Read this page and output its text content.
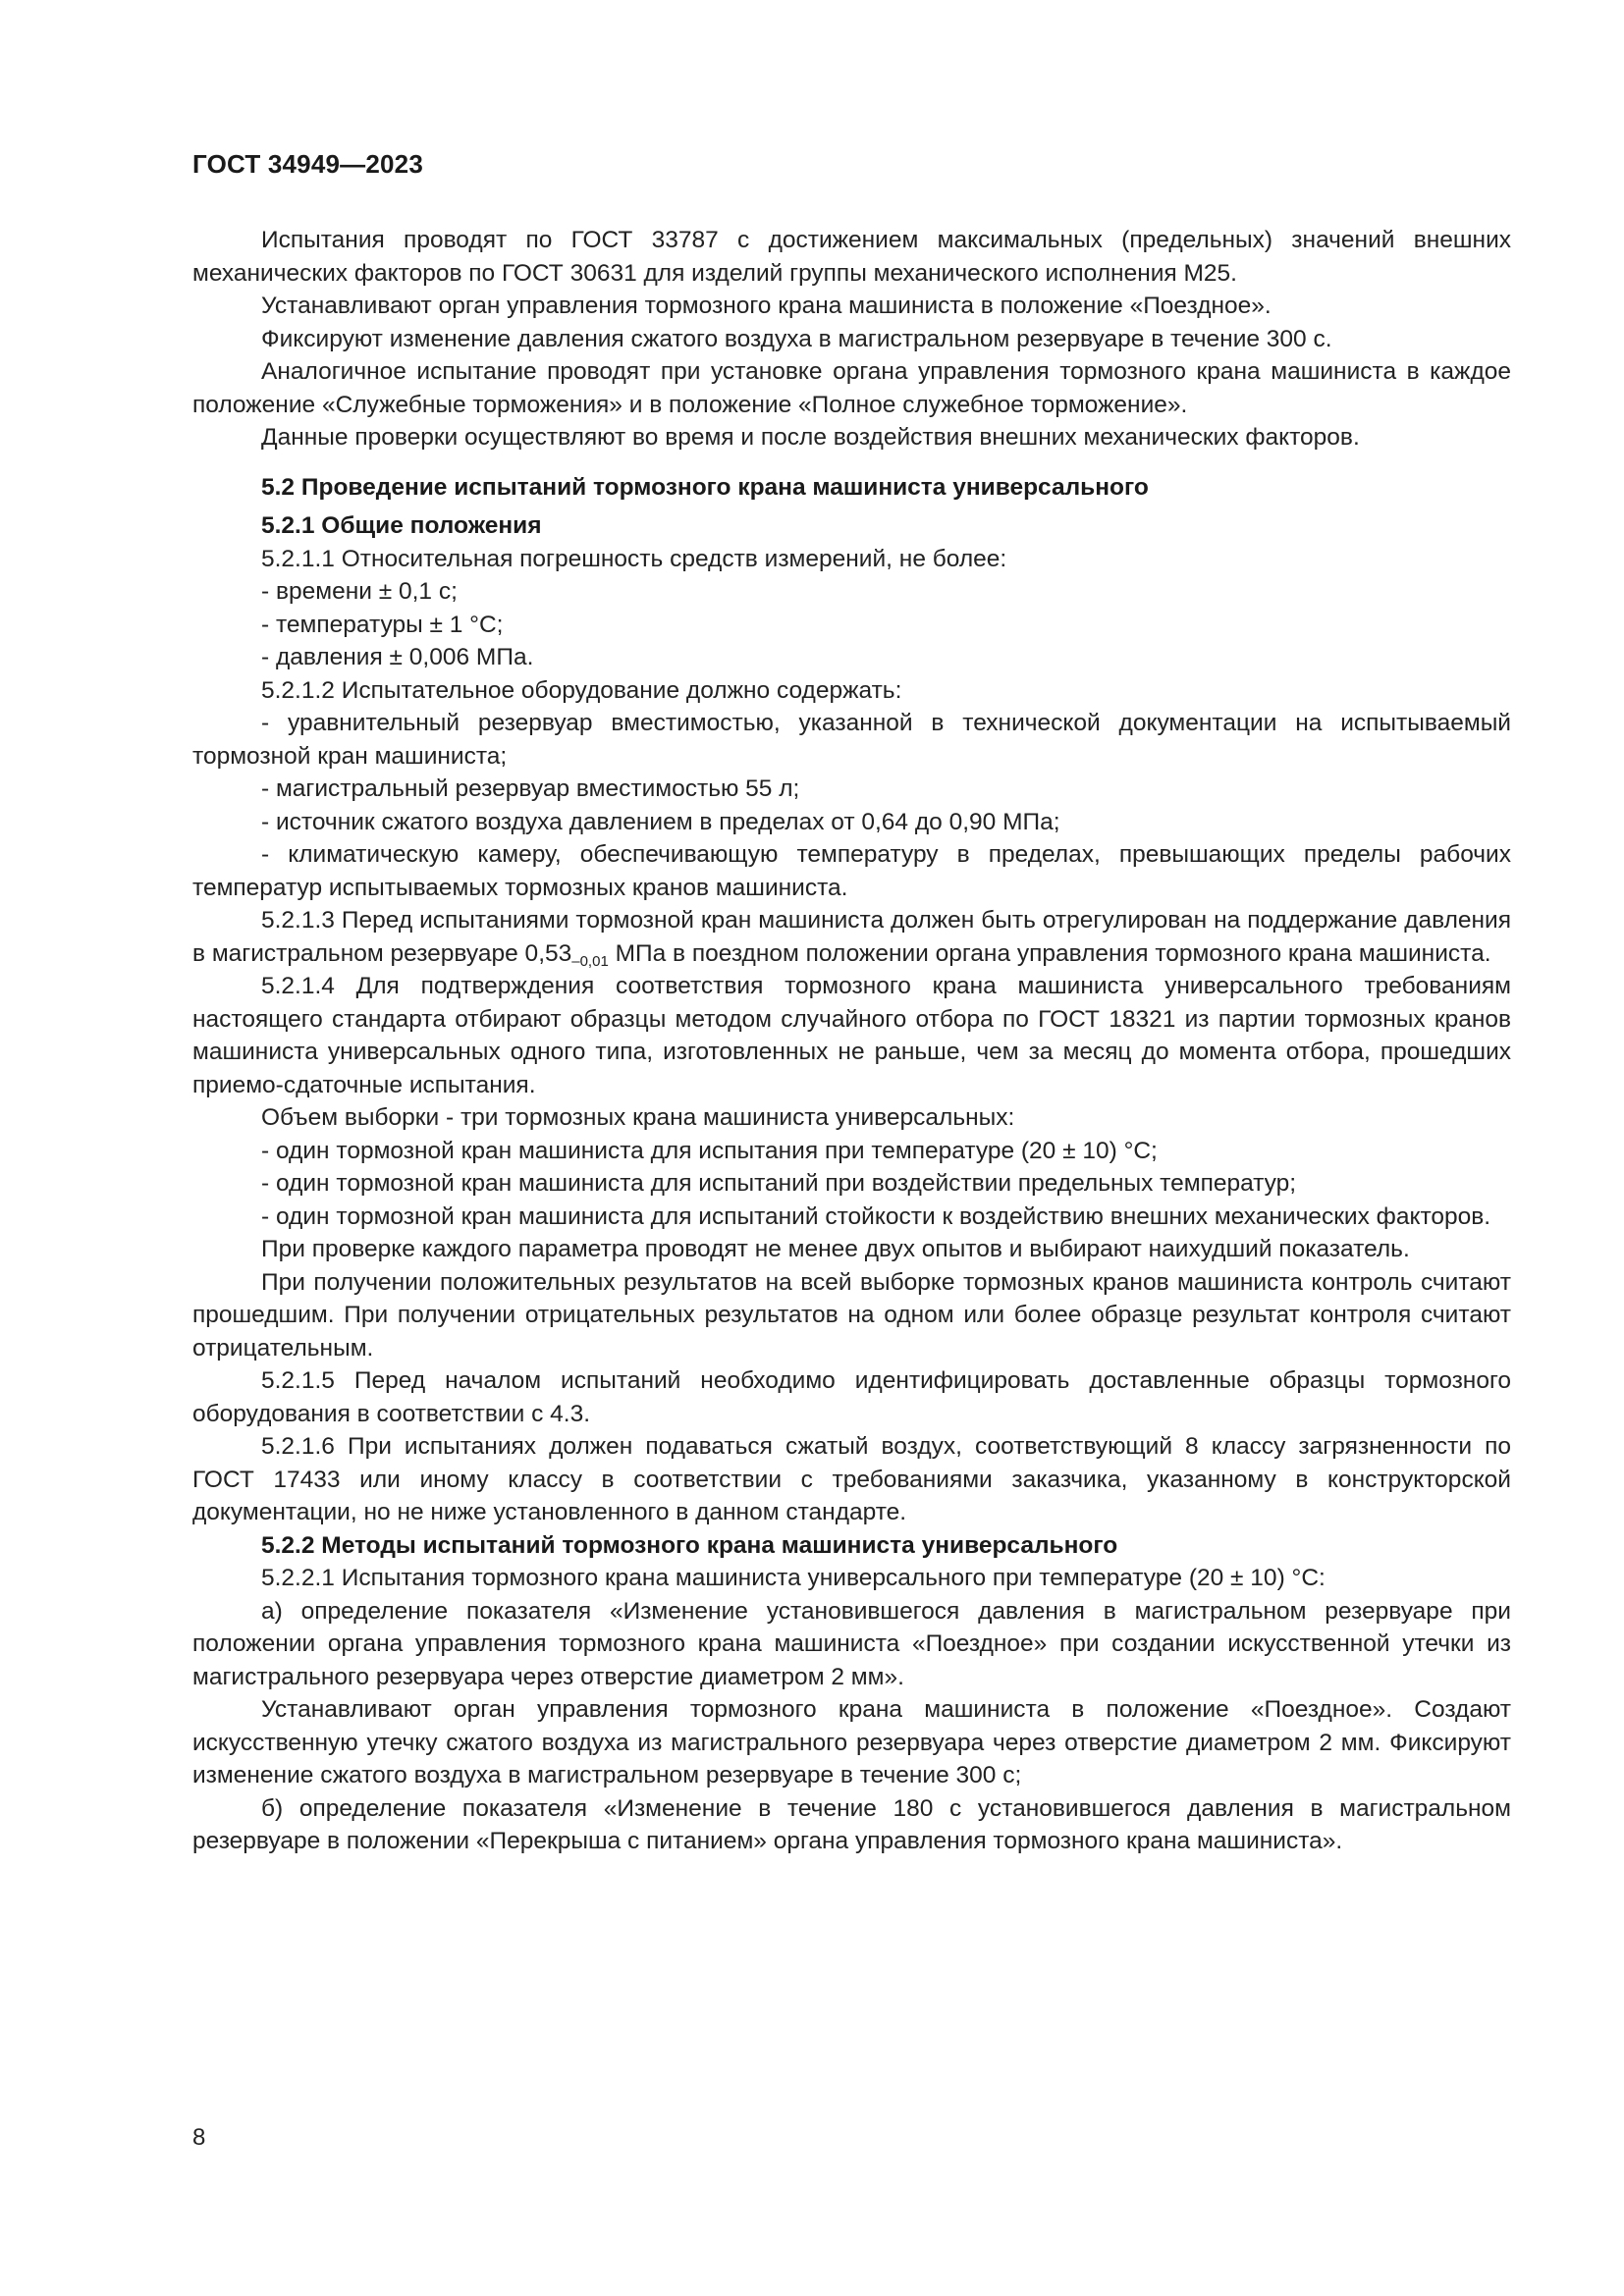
ГОСТ 34949—2023

Испытания проводят по ГОСТ 33787 с достижением максимальных (предельных) значений внешних механических факторов по ГОСТ 30631 для изделий группы механического исполнения М25.

Устанавливают орган управления тормозного крана машиниста в положение «Поездное».

Фиксируют изменение давления сжатого воздуха в магистральном резервуаре в течение 300 с.

Аналогичное испытание проводят при установке органа управления тормозного крана машиниста в каждое положение «Служебные торможения» и в положение «Полное служебное торможение».

Данные проверки осуществляют во время и после воздействия внешних механических факторов.

5.2 Проведение испытаний тормозного крана машиниста универсального

5.2.1 Общие положения

5.2.1.1 Относительная погрешность средств измерений, не более:

- времени ± 0,1 с;

- температуры ± 1 °С;

- давления ± 0,006 МПа.

5.2.1.2 Испытательное оборудование должно содержать:

- уравнительный резервуар вместимостью, указанной в технической документации на испытываемый тормозной кран машиниста;

- магистральный резервуар вместимостью 55 л;

- источник сжатого воздуха давлением в пределах от 0,64 до 0,90 МПа;

- климатическую камеру, обеспечивающую температуру в пределах, превышающих пределы рабочих температур испытываемых тормозных кранов машиниста.

5.2.1.3 Перед испытаниями тормозной кран машиниста должен быть отрегулирован на поддержание давления в магистральном резервуаре $0,53_{-0,01}$ МПа в поездном положении органа управления тормозного крана машиниста.

5.2.1.4 Для подтверждения соответствия тормозного крана машиниста универсального требованиям настоящего стандарта отбирают образцы методом случайного отбора по ГОСТ 18321 из партии тормозных кранов машиниста универсальных одного типа, изготовленных не раньше, чем за месяц до момента отбора, прошедших приемо-сдаточные испытания.

Объем выборки - три тормозных крана машиниста универсальных:

- один тормозной кран машиниста для испытания при температуре (20 ± 10) °С;

- один тормозной кран машиниста для испытаний при воздействии предельных температур;

- один тормозной кран машиниста для испытаний стойкости к воздействию внешних механических факторов.

При проверке каждого параметра проводят не менее двух опытов и выбирают наихудший показатель.

При получении положительных результатов на всей выборке тормозных кранов машиниста контроль считают прошедшим. При получении отрицательных результатов на одном или более образце результат контроля считают отрицательным.

5.2.1.5 Перед началом испытаний необходимо идентифицировать доставленные образцы тормозного оборудования в соответствии с 4.3.

5.2.1.6 При испытаниях должен подаваться сжатый воздух, соответствующий 8 классу загрязненности по ГОСТ 17433 или иному классу в соответствии с требованиями заказчика, указанному в конструкторской документации, но не ниже установленного в данном стандарте.

5.2.2 Методы испытаний тормозного крана машиниста универсального

5.2.2.1 Испытания тормозного крана машиниста универсального при температуре (20 ± 10) °С:

а) определение показателя «Изменение установившегося давления в магистральном резервуаре при положении органа управления тормозного крана машиниста «Поездное» при создании искусственной утечки из магистрального резервуара через отверстие диаметром 2 мм».

Устанавливают орган управления тормозного крана машиниста в положение «Поездное». Создают искусственную утечку сжатого воздуха из магистрального резервуара через отверстие диаметром 2 мм. Фиксируют изменение сжатого воздуха в магистральном резервуаре в течение 300 с;

б) определение показателя «Изменение в течение 180 с установившегося давления в магистральном резервуаре в положении «Перекрыша с питанием» органа управления тормозного крана машиниста».

8
